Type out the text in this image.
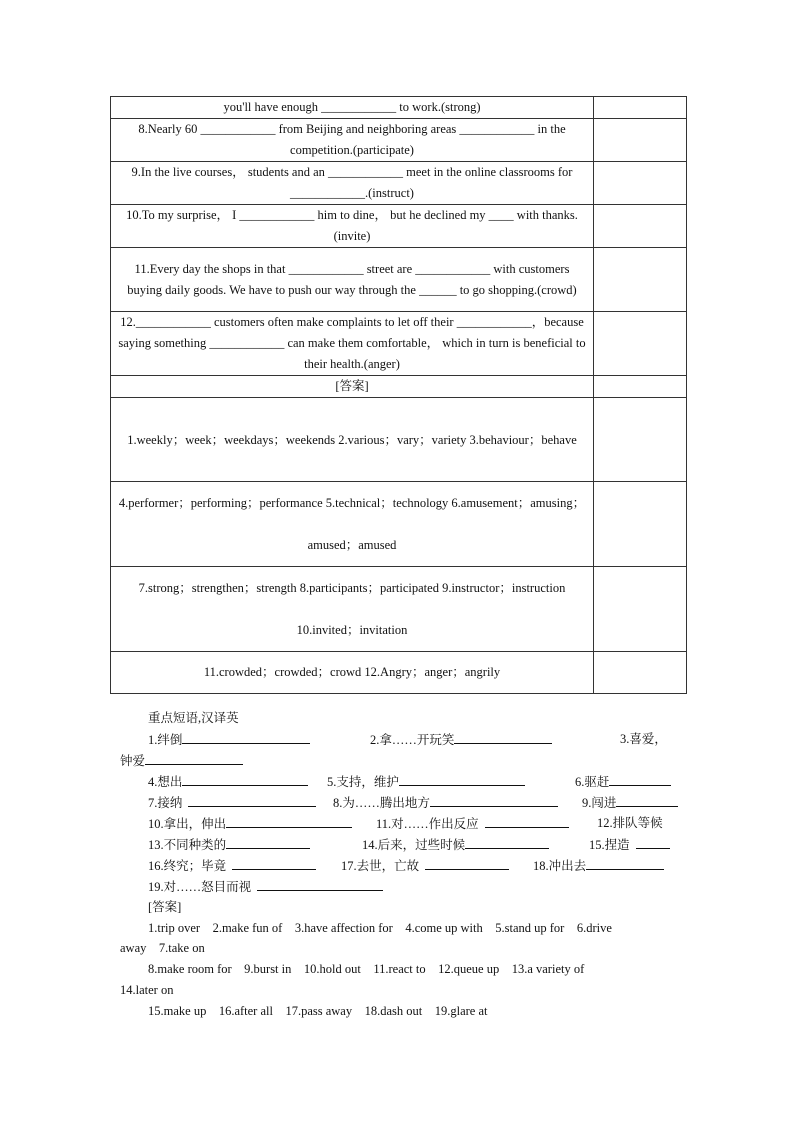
you'll have enough ____________ to work.(strong)	

8.Nearly 60 ____________ from Beijing and neighboring areas ____________ in the competition.(participate)	

9.In the live courses， students and an ____________ meet in the online classrooms for ____________.(instruct)	

10.To my surprise， I ____________ him to dine， but he declined my ____ with thanks.(invite)	

11.Every day the shops in that ____________ street are ____________ with customers buying daily goods. We have to push our way through the ______ to go shopping.(crowd)	

12.____________ customers often make complaints to let off their ____________，because saying something ____________ can make them comfortable， which in turn is beneficial to their health.(anger)	

[答案]	

1.weekly；week；weekdays；weekends 2.various；vary；variety 3.behaviour；behave	

4.performer；performing；performance 5.technical；technology 6.amusement；amusing；amused；amused	

7.strong；strengthen；strength 8.participants；participated 9.instructor；instruction 10.invited；invitation	

11.crowded；crowded；crowd 12.Angry；anger；angrily	

重点短语,汉译英
1.绊倒	2.拿……开玩笑	3.喜爱，
钟爱
4.想出	5.支持，维护	6.驱赶
7.接纳	8.为……腾出地方	9.闯进
10.拿出，伸出	11.对……作出反应	12.排队等候
13.不同种类的	14.后来，过些时候	15.捏造
16.终究；毕竟	17.去世，亡故	18.冲出去
19.对……怒目而视
[答案]
1.trip over    2.make fun of    3.have affection for    4.come up with    5.stand up for    6.drive
away    7.take on
8.make room for    9.burst in    10.hold out    11.react to    12.queue up    13.a variety of
14.later on
15.make up    16.after all    17.pass away    18.dash out    19.glare at
